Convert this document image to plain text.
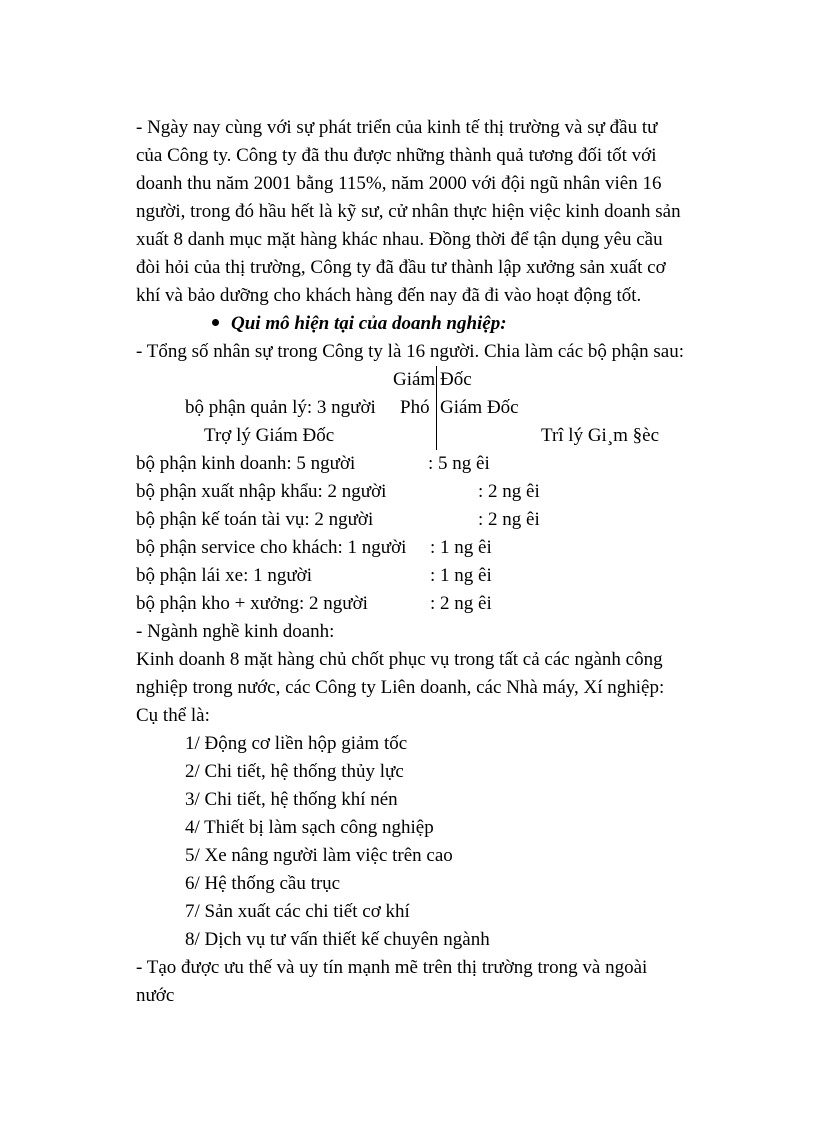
- Ngày nay cùng với sự phát triển của kinh tế thị trường và sự đầu tư
của Công ty. Công ty đã thu được những thành quả tương đối tốt với
doanh thu năm 2001 bằng 115%, năm 2000 với đội ngũ nhân viên 16
người, trong đó hầu hết là kỹ sư, cử nhân thực hiện việc kinh doanh sản
xuất 8 danh mục mặt hàng khác nhau. Đồng thời để tận dụng yêu cầu
đòi hỏi của thị trường, Công ty đã đầu tư thành lập xưởng sản xuất cơ
khí và bảo dưỡng cho khách hàng đến nay đã đi vào hoạt động tốt.
Qui mô hiện tại của doanh nghiệp:
- Tổng số nhân sự trong Công ty là 16 người. Chia làm các bộ phận sau:
Giám Đốc
bộ phận quản lý: 3 người Phó Giám Đốc
Trợ lý Giám Đốc	Trî lý Gi¸m §èc
bộ phận kinh doanh: 5 người	: 5 ng êi
bộ phận xuất nhập khẩu: 2 người	: 2 ng êi
bộ phận kế toán tài vụ: 2 người	: 2 ng êi
bộ phận service cho khách: 1 người : 1 ng êi
bộ phận lái xe: 1 người	: 1 ng êi
bộ phận kho + xưởng: 2 người	: 2 ng êi
- Ngành nghề kinh doanh:
Kinh doanh 8 mặt hàng chủ chốt phục vụ trong tất cả các ngành công
nghiệp trong nước, các Công ty Liên doanh, các Nhà máy, Xí nghiệp:
Cụ thể là:
1/ Động cơ liền hộp giảm tốc
2/ Chi tiết, hệ thống thủy lực
3/ Chi tiết, hệ thống khí nén
4/ Thiết bị làm sạch công nghiệp
5/ Xe nâng người làm việc trên cao
6/ Hệ thống cầu trục
7/ Sản xuất các chi tiết cơ khí
8/ Dịch vụ tư vấn thiết kế chuyên ngành
- Tạo được ưu thế và uy tín mạnh mẽ trên thị trường trong và ngoài
nước
